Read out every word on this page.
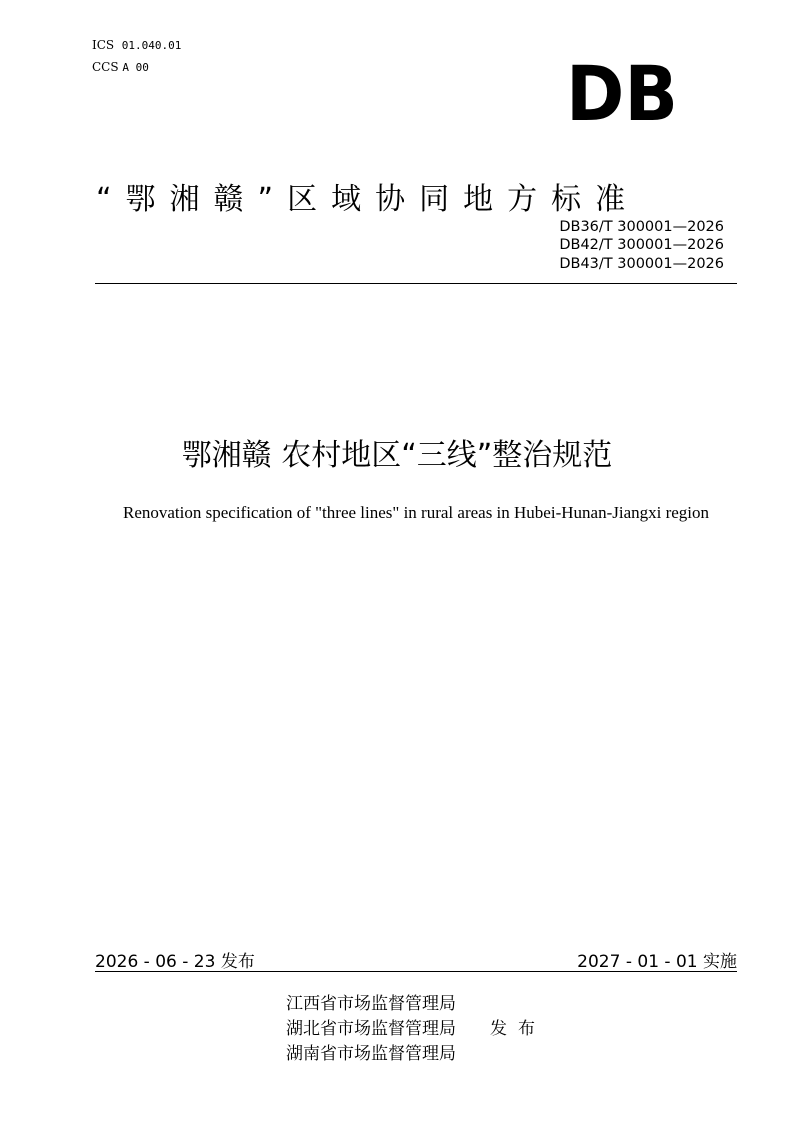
ICS 01.040.01
CCS A 00	DB
“鄂湘赣”区域协同地方标准
DB36/T 300001—2026
DB42/T 300001—2026
DB43/T 300001—2026
鄂湘赣 农村地区“三线”整治规范
Renovation specification of "three lines" in rural areas in Hubei-Hunan-Jiangxi region
2026 - 06 - 23 发布	2027 - 01 - 01 实施
江西省市场监督管理局
湖北省市场监督管理局
湖南省市场监督管理局
发布
